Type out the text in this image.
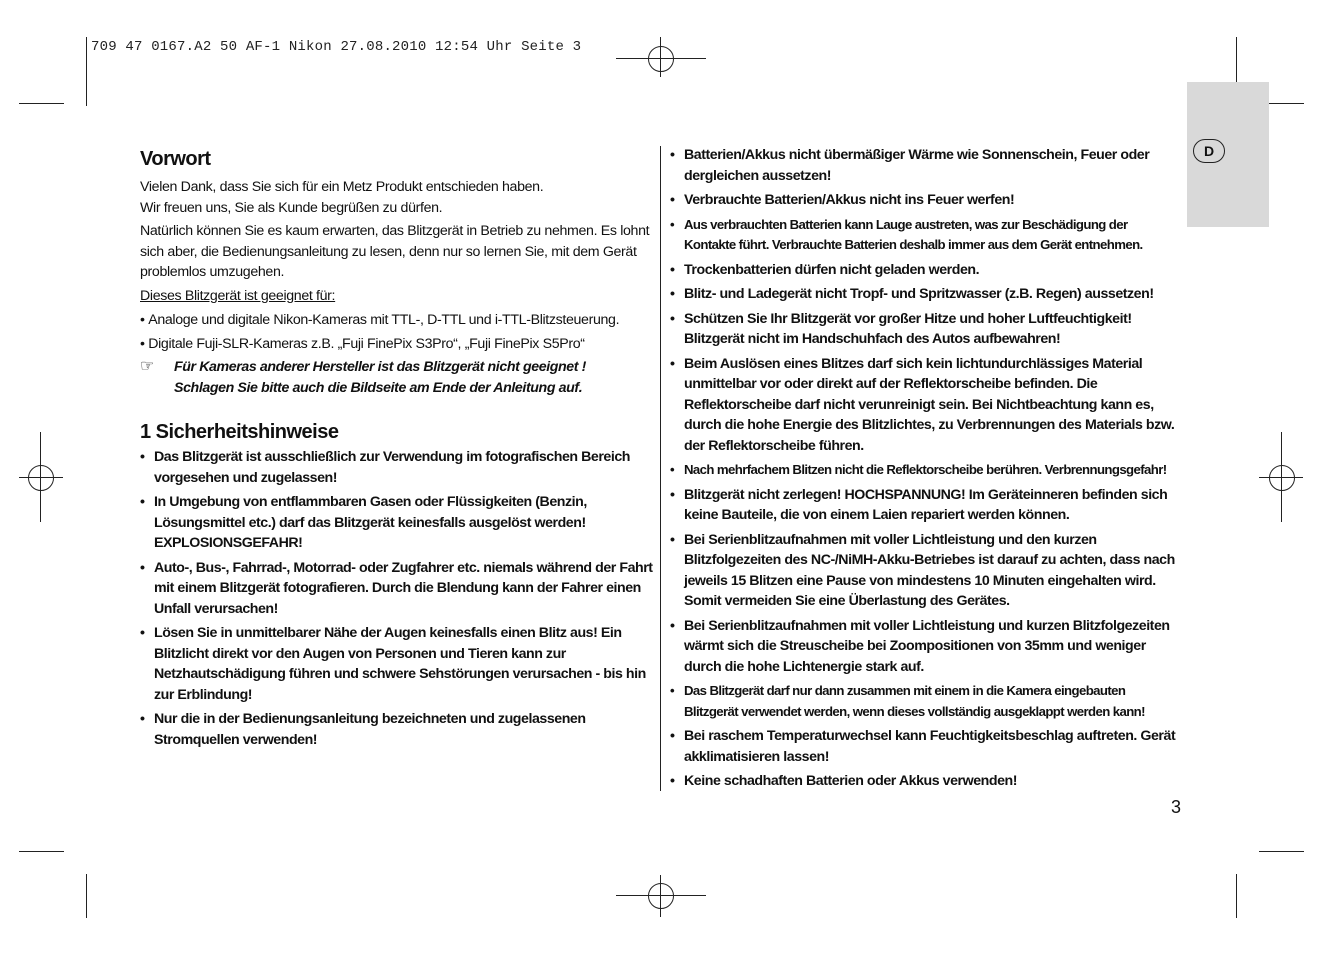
709 47 0167.A2 50 AF-1 Nikon 27.08.2010 12:54 Uhr Seite 3
D
Vorwort

Vielen Dank, dass Sie sich für ein Metz Produkt entschieden haben.

Wir freuen uns, Sie als Kunde begrüßen zu dürfen.

Natürlich können Sie es kaum erwarten, das Blitzgerät in Betrieb zu nehmen. Es lohnt sich aber, die Bedienungsanleitung zu lesen, denn nur so lernen Sie, mit dem Gerät problemlos umzugehen.

Dieses Blitzgerät ist geeignet für:

• Analoge und digitale Nikon-Kameras mit TTL-, D-TTL und i-TTL-Blitzsteuerung.

• Digitale Fuji-SLR-Kameras z.B. „Fuji FinePix S3Pro“, „Fuji FinePix S5Pro“

☞ Für Kameras anderer Hersteller ist das Blitzgerät nicht geeignet !
Schlagen Sie bitte auch die Bildseite am Ende der Anleitung auf.
1 Sicherheitshinweise
• Das Blitzgerät ist ausschließlich zur Verwendung im fotografischen Bereich vorgesehen und zugelassen!
• In Umgebung von entflammbaren Gasen oder Flüssigkeiten (Benzin, Lösungsmittel etc.) darf das Blitzgerät keinesfalls ausgelöst werden! EXPLOSIONSGEFAHR!
• Auto-, Bus-, Fahrrad-, Motorrad- oder Zugfahrer etc. niemals während der Fahrt mit einem Blitzgerät fotografieren. Durch die Blendung kann der Fahrer einen Unfall verursachen!
• Lösen Sie in unmittelbarer Nähe der Augen keinesfalls einen Blitz aus! Ein Blitzlicht direkt vor den Augen von Personen und Tieren kann zur Netzhautschädigung führen und schwere Sehstörungen verursachen - bis hin zur Erblindung!
• Nur die in der Bedienungsanleitung bezeichneten und zugelassenen Stromquellen verwenden!
• Batterien/Akkus nicht übermäßiger Wärme wie Sonnenschein, Feuer oder dergleichen aussetzen!
• Verbrauchte Batterien/Akkus nicht ins Feuer werfen!
• Aus verbrauchten Batterien kann Lauge austreten, was zur Beschädigung der Kontakte führt. Verbrauchte Batterien deshalb immer aus dem Gerät entnehmen.
• Trockenbatterien dürfen nicht geladen werden.
• Blitz- und Ladegerät nicht Tropf- und Spritzwasser (z.B. Regen) aussetzen!
• Schützen Sie Ihr Blitzgerät vor großer Hitze und hoher Luftfeuchtigkeit! Blitzgerät nicht im Handschuhfach des Autos aufbewahren!
• Beim Auslösen eines Blitzes darf sich kein lichtundurchlässiges Material unmittelbar vor oder direkt auf der Reflektorscheibe befinden. Die Reflektorscheibe darf nicht verunreinigt sein. Bei Nichtbeachtung kann es, durch die hohe Energie des Blitzlichtes, zu Verbrennungen des Materials bzw. der Reflektorscheibe führen.
• Nach mehrfachem Blitzen nicht die Reflektorscheibe berühren. Verbrennungsgefahr!
• Blitzgerät nicht zerlegen! HOCHSPANNUNG! Im Geräteinneren befinden sich keine Bauteile, die von einem Laien repariert werden können.
• Bei Serienblitzaufnahmen mit voller Lichtleistung und den kurzen Blitzfolgezeiten des NC-/NiMH-Akku-Betriebes ist darauf zu achten, dass nach jeweils 15 Blitzen eine Pause von mindestens 10 Minuten eingehalten wird. Somit vermeiden Sie eine Überlastung des Gerätes.
• Bei Serienblitzaufnahmen mit voller Lichtleistung und kurzen Blitzfolgezeiten wärmt sich die Streuscheibe bei Zoompositionen von 35mm und weniger durch die hohe Lichtenergie stark auf.
• Das Blitzgerät darf nur dann zusammen mit einem in die Kamera eingebauten Blitzgerät verwendet werden, wenn dieses vollständig ausgeklappt werden kann!
• Bei raschem Temperaturwechsel kann Feuchtigkeitsbeschlag auftreten. Gerät akklimatisieren lassen!
• Keine schadhaften Batterien oder Akkus verwenden!
3
